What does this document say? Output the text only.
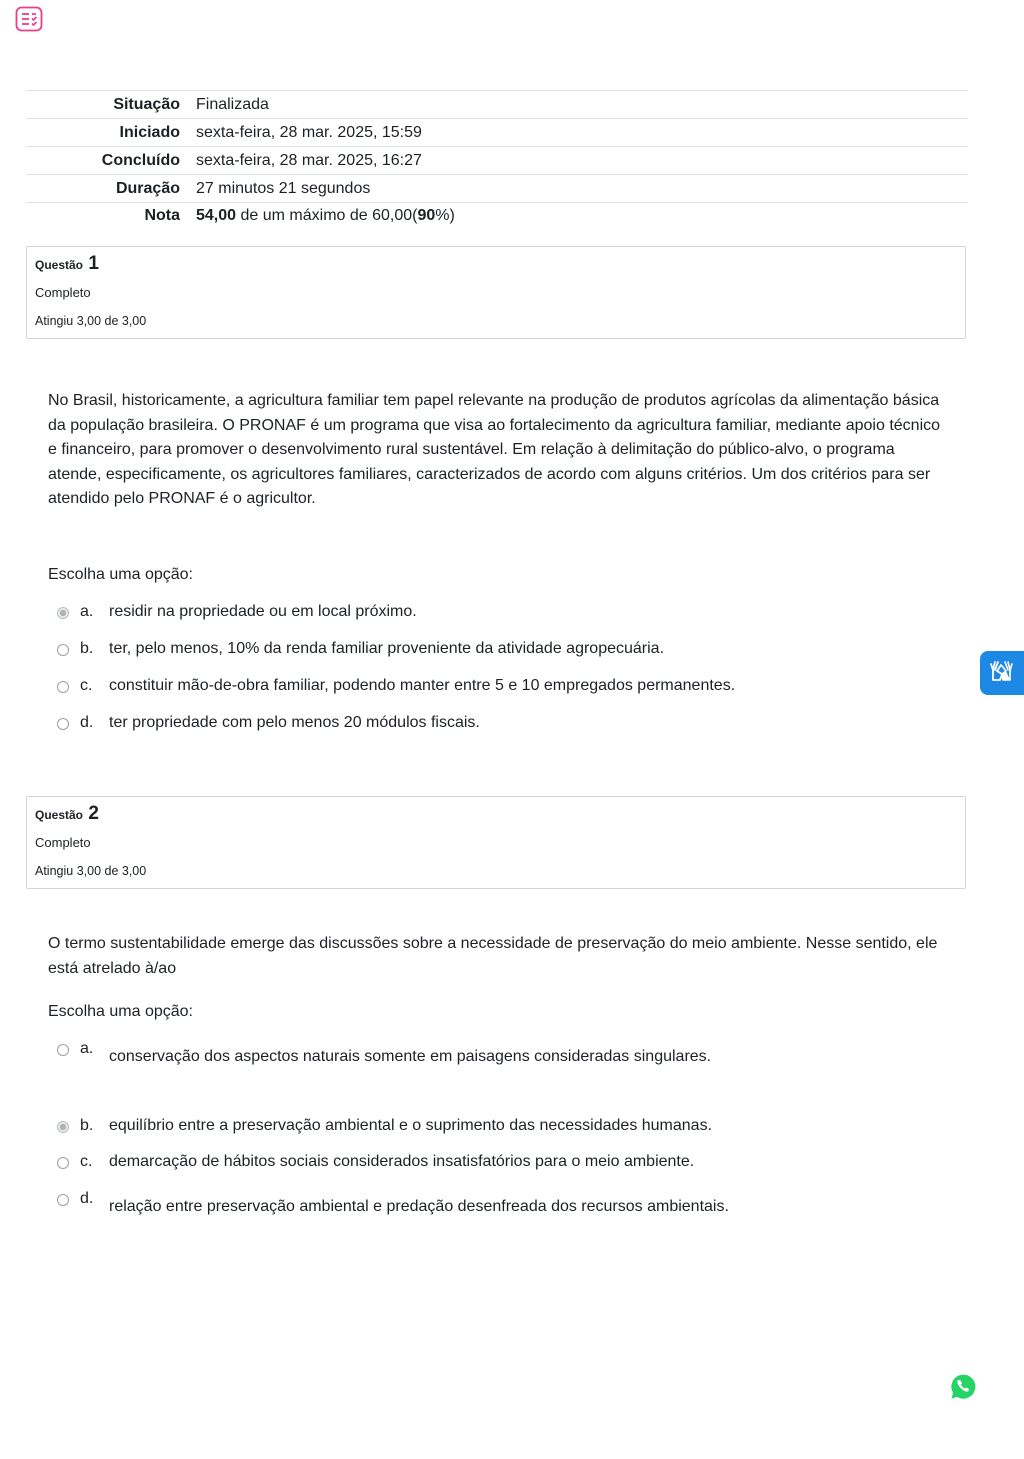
Situação	Finalizada
Iniciado	sexta-feira, 28 mar. 2025, 15:59
Concluído	sexta-feira, 28 mar. 2025, 16:27
Duração	27 minutos 21 segundos
Nota	54,00 de um máximo de 60,00(90%)
Questão 1
Completo
Atingiu 3,00 de 3,00
No Brasil, historicamente, a agricultura familiar tem papel relevante na produção de produtos agrícolas da alimentação básica da população brasileira. O PRONAF é um programa que visa ao fortalecimento da agricultura familiar, mediante apoio técnico e financeiro, para promover o desenvolvimento rural sustentável. Em relação à delimitação do público-alvo, o programa atende, especificamente, os agricultores familiares, caracterizados de acordo com alguns critérios. Um dos critérios para ser atendido pelo PRONAF é o agricultor.
Escolha uma opção:
a. residir na propriedade ou em local próximo.
b. ter, pelo menos, 10% da renda familiar proveniente da atividade agropecuária.
c. constituir mão-de-obra familiar, podendo manter entre 5 e 10 empregados permanentes.
d. ter propriedade com pelo menos 20 módulos fiscais.
Questão 2
Completo
Atingiu 3,00 de 3,00
O termo sustentabilidade emerge das discussões sobre a necessidade de preservação do meio ambiente. Nesse sentido, ele está atrelado à/ao
Escolha uma opção:
a. conservação dos aspectos naturais somente em paisagens consideradas singulares.
b. equilíbrio entre a preservação ambiental e o suprimento das necessidades humanas.
c. demarcação de hábitos sociais considerados insatisfatórios para o meio ambiente.
d. relação entre preservação ambiental e predação desenfreada dos recursos ambientais.
